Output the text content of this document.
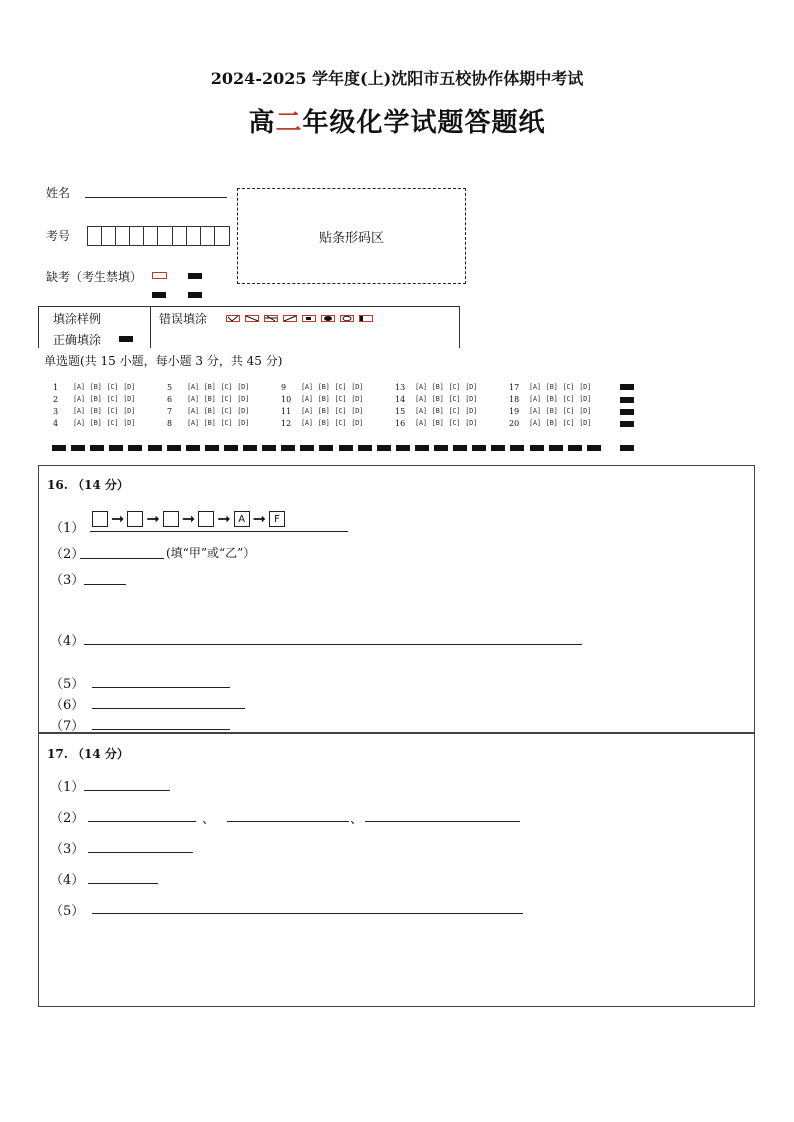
2024-2025 学年度(上)沈阳市五校协作体期中考试
高二年级化学试题答题纸
姓名
考号
缺考（考生禁填）
贴条形码区
填涂样例
正确填涂
错误填涂
单选题(共 15 小题，每小题 3 分，共 45 分)
1	[A] [B] [C] [D]
2	[A] [B] [C] [D]
3	[A] [B] [C] [D]
4	[A] [B] [C] [D]
5	[A] [B] [C] [D]
6	[A] [B] [C] [D]
7	[A] [B] [C] [D]
8	[A] [B] [C] [D]
9	[A] [B] [C] [D]
10	[A] [B] [C] [D]
11	[A] [B] [C] [D]
12	[A] [B] [C] [D]
13	[A] [B] [C] [D]
14	[A] [B] [C] [D]
15	[A] [B] [C] [D]
16	[A] [B] [C] [D]
17	[A] [B] [C] [D]
18	[A] [B] [C] [D]
19	[A] [B] [C] [D]
20	[A] [B] [C] [D]
16. （14 分）
（1）
➞ ➞ ➞ ➞ A ➞ F
（2）	(填“甲”或“乙”）
（3）
（4）
（5）
（6）
（7）
17. （14 分）
（1）
（2）	、	、
（3）
（4）
（5）
